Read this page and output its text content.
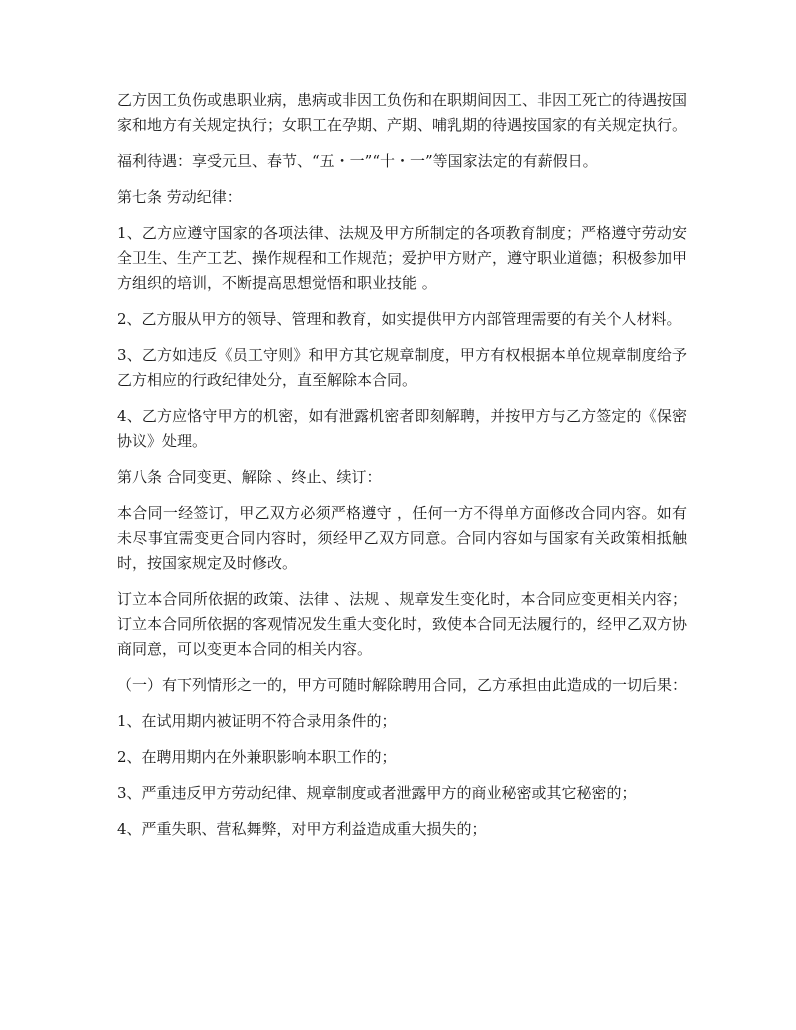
乙方因工负伤或患职业病，患病或非因工负伤和在职期间因工、非因工死亡的待遇按国家和地方有关规定执行；女职工在孕期、产期、哺乳期的待遇按国家的有关规定执行。

福利待遇：享受元旦、春节、“五・一”“十・一”等国家法定的有薪假日。

第七条 劳动纪律：

1、乙方应遵守国家的各项法律、法规及甲方所制定的各项教育制度；严格遵守劳动安全卫生、生产工艺、操作规程和工作规范；爱护甲方财产，遵守职业道德；积极参加甲方组织的培训，不断提高思想觉悟和职业技能 。

2、乙方服从甲方的领导、管理和教育，如实提供甲方内部管理需要的有关个人材料。

3、乙方如违反《员工守则》和甲方其它规章制度，甲方有权根据本单位规章制度给予乙方相应的行政纪律处分，直至解除本合同。

4、乙方应恪守甲方的机密，如有泄露机密者即刻解聘，并按甲方与乙方签定的《保密协议》处理。

第八条 合同变更、解除 、终止、续订：

本合同一经签订，甲乙双方必须严格遵守 ，任何一方不得单方面修改合同内容。如有未尽事宜需变更合同内容时，须经甲乙双方同意。合同内容如与国家有关政策相抵触时，按国家规定及时修改。

订立本合同所依据的政策、法律 、法规 、规章发生变化时，本合同应变更相关内容；订立本合同所依据的客观情况发生重大变化时，致使本合同无法履行的，经甲乙双方协商同意，可以变更本合同的相关内容。

（一）有下列情形之一的，甲方可随时解除聘用合同，乙方承担由此造成的一切后果：

1、在试用期内被证明不符合录用条件的；

2、在聘用期内在外兼职影响本职工作的；

3、严重违反甲方劳动纪律、规章制度或者泄露甲方的商业秘密或其它秘密的；

4、严重失职、营私舞弊，对甲方利益造成重大损失的；
